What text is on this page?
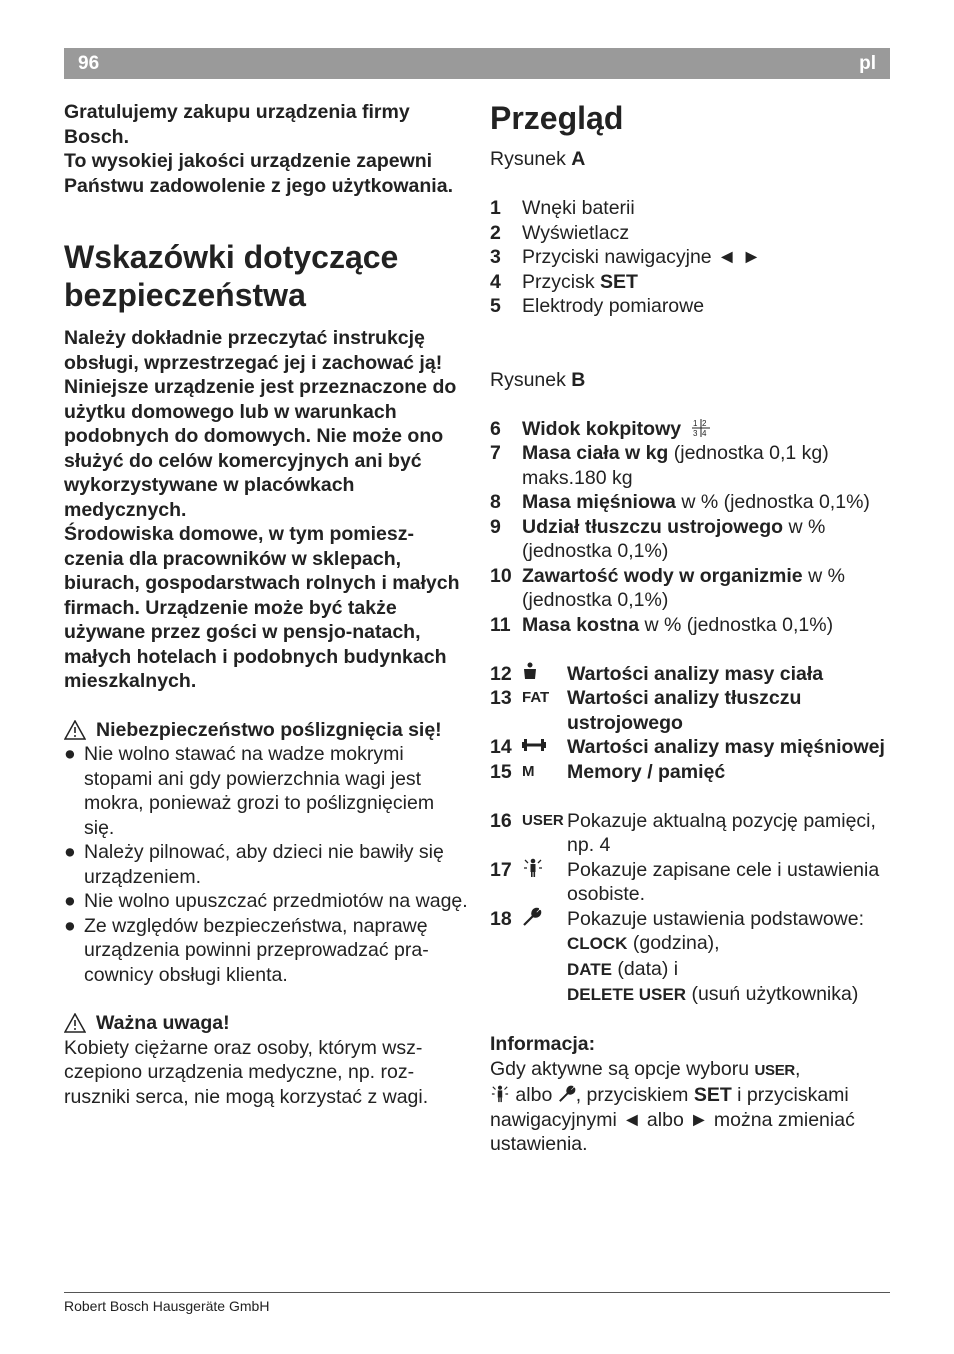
96	pl

Gratulujemy zakupu urządzenia firmy Bosch.

To wysokiej jakości urządzenie zapewni Państwu zadowolenie z jego użytkowania.

Wskazówki dotyczące bezpieczeństwa

Należy dokładnie przeczytać instrukcję obsługi, wprzestrzegać jej i zachować ją! Niniejsze urządzenie jest przeznaczone do użytku domowego lub w warunkach podobnych do domowych. Nie może ono służyć do celów komercyjnych ani być wykorzystywane w placówkach medycznych.

Środowiska domowe, w tym pomiesz-czenia dla pracowników w sklepach, biurach, gospodarstwach rolnych i małych firmach. Urządzenie może być także używane przez gości w pensjo-natach, małych hotelach i podobnych budynkach mieszkalnych.

Niebezpieczeństwo poślizgnięcia się!
● Nie wolno stawać na wadze mokrymi stopami ani gdy powierzchnia wagi jest mokra, ponieważ grozi to poślizgnięciem się.
● Należy pilnować, aby dzieci nie bawiły się urządzeniem.
● Nie wolno upuszczać przedmiotów na wagę.
● Ze względów bezpieczeństwa, naprawę urządzenia powinni przeprowadzać pra-cownicy obsługi klienta.
Ważna uwaga!

Kobiety ciężarne oraz osoby, którym wsz-czepiono urządzenia medyczne, np. roz-ruszniki serca, nie mogą korzystać z wagi.

Przegląd

Rysunek A

1	Wnęki baterii
2	Wyświetlacz
3	Przyciski nawigacyjne ◄ ►
4	Przycisk SET
5	Elektrody pomiarowe

Rysunek B

6	Widok kokpitowy 1 2
3 4
7	Masa ciała w kg (jednostka 0,1 kg) maks.180 kg
8	Masa mięśniowa w % (jednostka 0,1%)
9	Udział tłuszczu ustrojowego w % (jednostka 0,1%)
10 Zawartość wody w organizmie w % (jednostka 0,1%)
11 Masa kostna w % (jednostka 0,1%)
12	Wartości analizy masy ciała
13 FAT Wartości analizy tłuszczu ustrojowego
14	Wartości analizy masy mięśniowej
15 M	Memory / pamięć
16 USER Pokazuje aktualną pozycję pamięci, np. 4
17	Pokazuje zapisane cele i ustawienia osobiste.
18	Pokazuje ustawienia podstawowe:
CLOCK (godzina),
DATE (data) i
DELETE USER (usuń użytkownika)

Informacja:

Gdy aktywne są opcje wyboru USER,
albo , przyciskiem SET i przyciskami nawigacyjnymi ◄ albo ► można zmieniać ustawienia.

Robert Bosch Hausgeräte GmbH
